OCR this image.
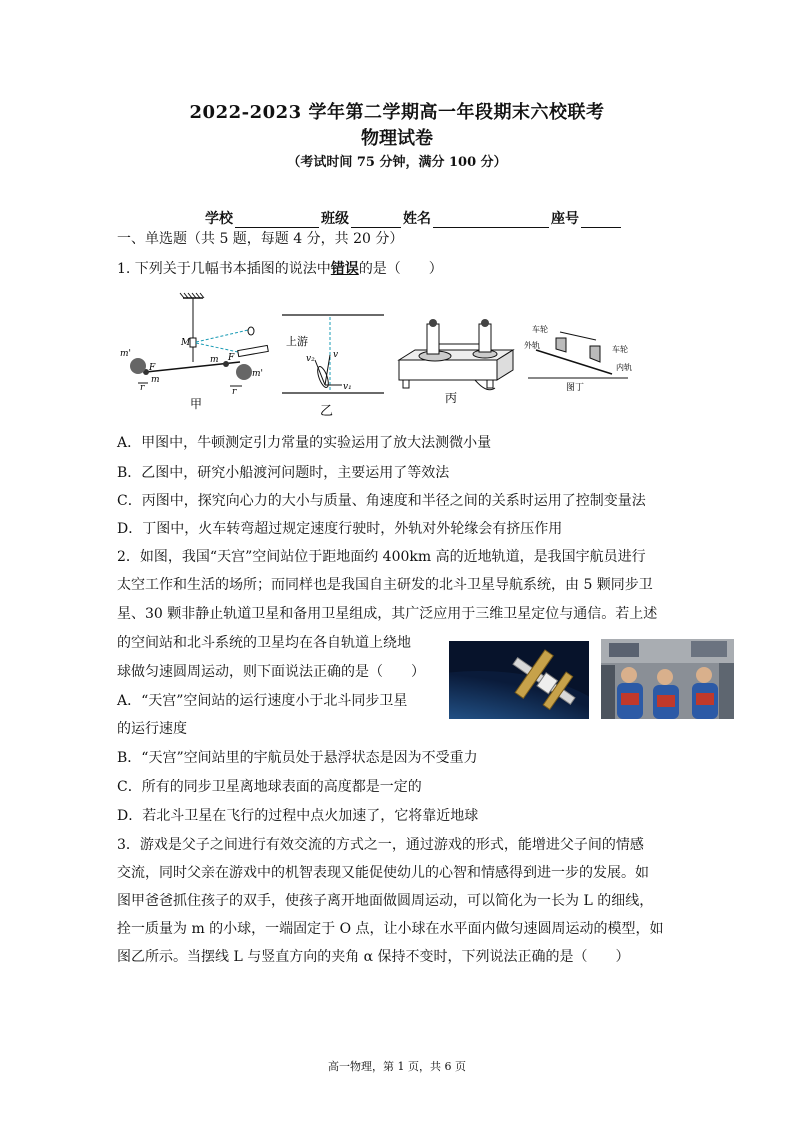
2022-2023 学年第二学期高一年段期末六校联考
物理试卷
（考试时间 75 分钟，满分 100 分）
学校	班级	姓名	座号
一、单选题（共 5 题，每题 4 分，共 20 分）
1. 下列关于几幅书本插图的说法中错误的是（　　）
m'
m
r
F
M
m F
r
m'
甲
上游
v₂ v
v₁
乙
丙
车轮
外轨	车轮
内轨
图丁
A．甲图中，牛顿测定引力常量的实验运用了放大法测微小量
B．乙图中，研究小船渡河问题时，主要运用了等效法
C．丙图中，探究向心力的大小与质量、角速度和半径之间的关系时运用了控制变量法
D．丁图中，火车转弯超过规定速度行驶时，外轨对外轮缘会有挤压作用
2．如图，我国“天宫”空间站位于距地面约 400km 高的近地轨道，是我国宇航员进行
太空工作和生活的场所；而同样也是我国自主研发的北斗卫星导航系统，由 5 颗同步卫
星、30 颗非静止轨道卫星和备用卫星组成，其广泛应用于三维卫星定位与通信。若上述
的空间站和北斗系统的卫星均在各自轨道上绕地
球做匀速圆周运动，则下面说法正确的是（　　）
A．“天宫”空间站的运行速度小于北斗同步卫星
的运行速度
B．“天宫”空间站里的宇航员处于悬浮状态是因为不受重力
C．所有的同步卫星离地球表面的高度都是一定的
D．若北斗卫星在飞行的过程中点火加速了，它将靠近地球
3．游戏是父子之间进行有效交流的方式之一，通过游戏的形式，能增进父子间的情感
交流，同时父亲在游戏中的机智表现又能促使幼儿的心智和情感得到进一步的发展。如
图甲爸爸抓住孩子的双手，使孩子离开地面做圆周运动，可以简化为一长为 L 的细线，
拴一质量为 m 的小球，一端固定于 O 点，让小球在水平面内做匀速圆周运动的模型，如
图乙所示。当摆线 L 与竖直方向的夹角 α 保持不变时，下列说法正确的是（　　）
高一物理，第 1 页，共 6 页
